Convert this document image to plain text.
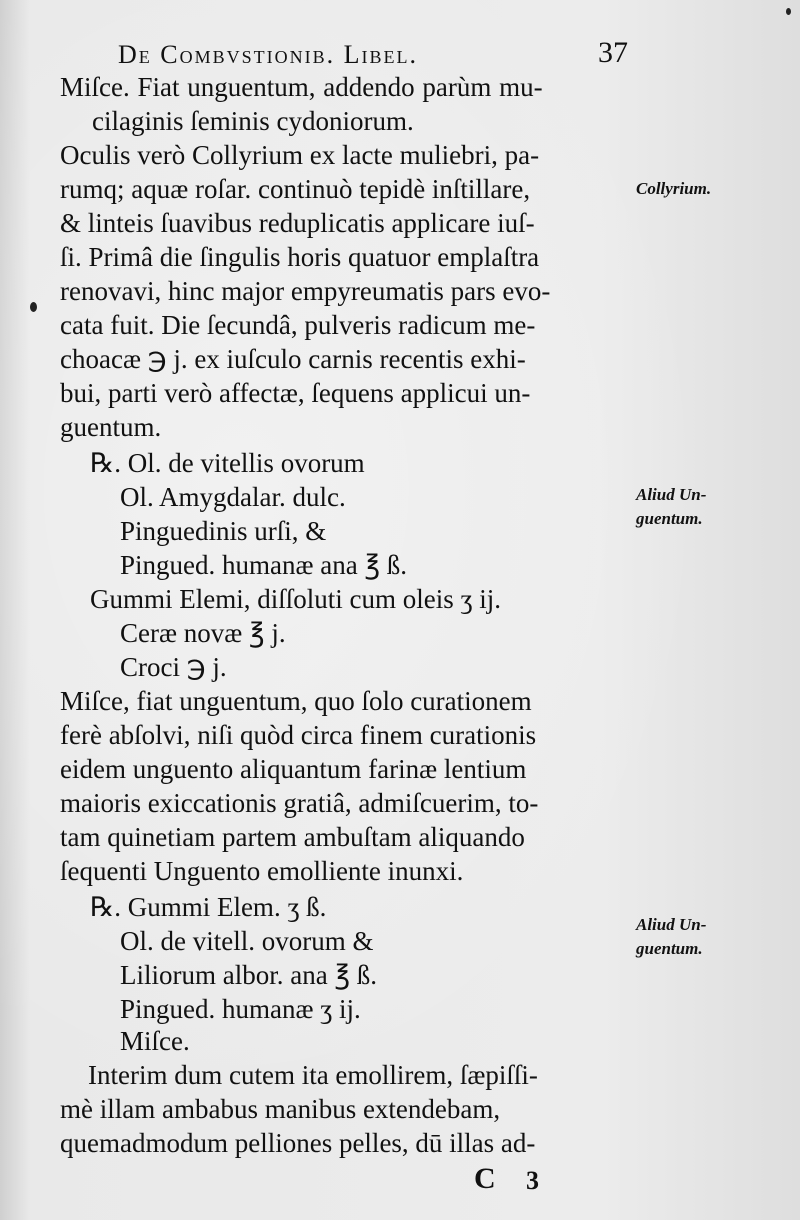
De Combvstionib. Libel.	37
Miſce. Fiat unguentum, addendo parùm mu-
cilaginis ſeminis cydoniorum.
Oculis verò Collyrium ex lacte muliebri, pa-
rumq; aquæ roſar. continuò tepidè inſtillare,
& linteis ſuavibus reduplicatis applicare iuſ-
ſi. Primâ die ſingulis horis quatuor emplaſtra
renovavi, hinc major empyreumatis pars evo-
cata fuit. Die ſecundâ, pulveris radicum me-
choacæ ℈ j. ex iuſculo carnis recentis exhi-
bui, parti verò affectæ, ſequens applicui un-
guentum.
℞. Ol. de vitellis ovorum
Ol. Amygdalar. dulc.
Pinguedinis urſi, &
Pingued. humanæ ana ℥ ß.
Gummi Elemi, diſſoluti cum oleis ʒ ij.
Ceræ novæ ℥ j.
Croci ℈ j.
Miſce, fiat unguentum, quo ſolo curationem
ferè abſolvi, niſi quòd circa finem curationis
eidem unguento aliquantum farinæ lentium
maioris exiccationis gratiâ, admiſcuerim, to-
tam quinetiam partem ambuſtam aliquando
ſequenti Unguento emolliente inunxi.
℞. Gummi Elem. ʒ ß.
Ol. de vitell. ovorum &
Liliorum albor. ana ℥ ß.
Pingued. humanæ ʒ ij.
Miſce.
Interim dum cutem ita emollirem, ſæpiſſi-
mè illam ambabus manibus extendebam,
quemadmodum pelliones pelles, dū illas ad-
Collyrium.
Aliud Un-
guentum.
Aliud Un-
guentum.
C 3
